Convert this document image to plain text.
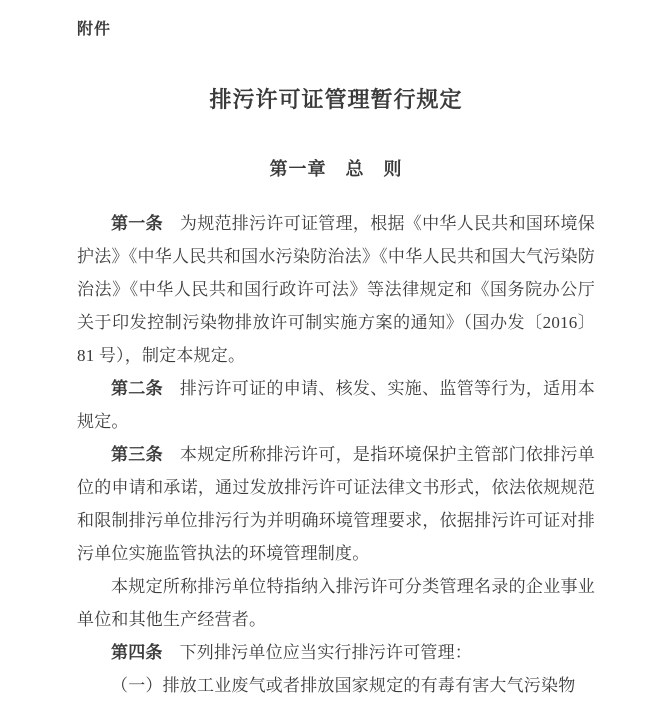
附件
排污许可证管理暂行规定
第一章　总　则

第一条 为规范排污许可证管理，根据《中华人民共和国环境保护法》《中华人民共和国水污染防治法》《中华人民共和国大气污染防治法》《中华人民共和国行政许可法》等法律规定和《国务院办公厅关于印发控制污染物排放许可制实施方案的通知》（国办发〔2016〕81 号），制定本规定。

第二条 排污许可证的申请、核发、实施、监管等行为，适用本规定。

第三条 本规定所称排污许可，是指环境保护主管部门依排污单位的申请和承诺，通过发放排污许可证法律文书形式，依法依规规范和限制排污单位排污行为并明确环境管理要求，依据排污许可证对排污单位实施监管执法的环境管理制度。

本规定所称排污单位特指纳入排污许可分类管理名录的企业事业单位和其他生产经营者。

第四条 下列排污单位应当实行排污许可管理：

（一）排放工业废气或者排放国家规定的有毒有害大气污染物
